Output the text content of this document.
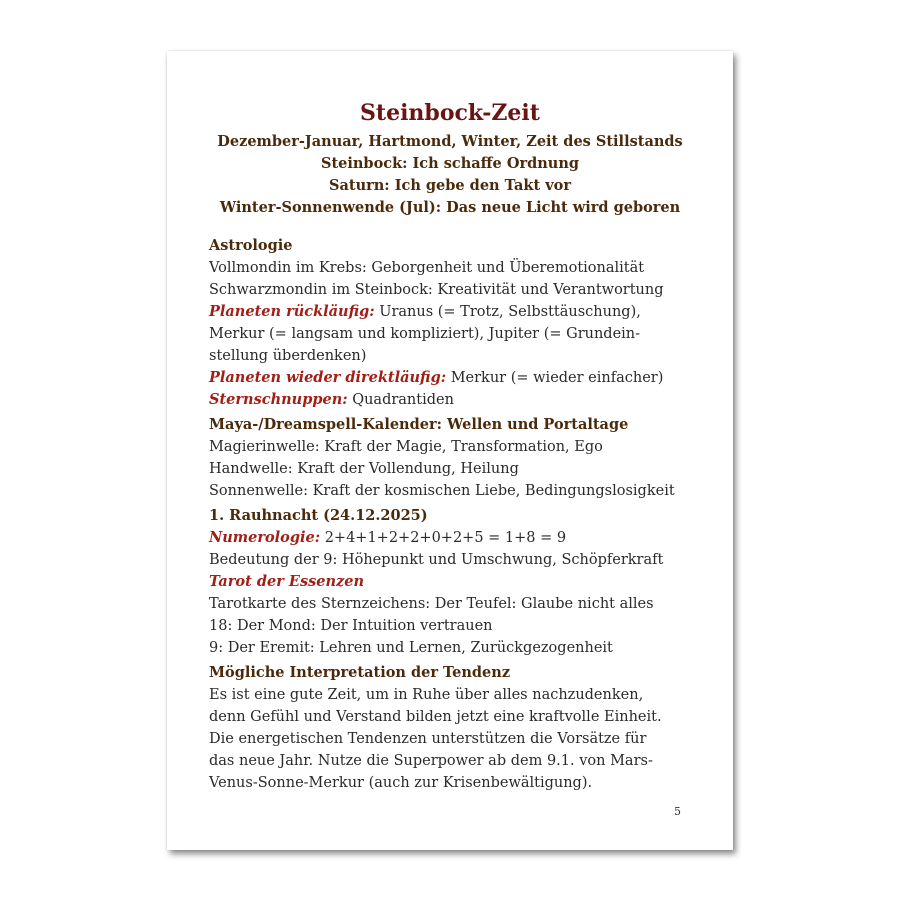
Steinbock-Zeit
Dezember-Januar, Hartmond, Winter, Zeit des Stillstands
Steinbock: Ich schaffe Ordnung
Saturn: Ich gebe den Takt vor
Winter-Sonnenwende (Jul): Das neue Licht wird geboren
Astrologie
Vollmondin im Krebs: Geborgenheit und Überemotionalität
Schwarzmondin im Steinbock: Kreativität und Verantwortung
Planeten rückläufig: Uranus (= Trotz, Selbsttäuschung),
Merkur (= langsam und kompliziert), Jupiter (= Grundein-
stellung überdenken)
Planeten wieder direktläufig: Merkur (= wieder einfacher)
Sternschnuppen: Quadrantiden
Maya-/Dreamspell-Kalender: Wellen und Portaltage
Magierinwelle: Kraft der Magie, Transformation, Ego
Handwelle: Kraft der Vollendung, Heilung
Sonnenwelle: Kraft der kosmischen Liebe, Bedingungslosigkeit
1. Rauhnacht (24.12.2025)
Numerologie: 2+4+1+2+2+0+2+5 = 1+8 = 9
Bedeutung der 9: Höhepunkt und Umschwung, Schöpferkraft
Tarot der Essenzen
Tarotkarte des Sternzeichens: Der Teufel: Glaube nicht alles
18: Der Mond: Der Intuition vertrauen
9: Der Eremit: Lehren und Lernen, Zurückgezogenheit
Mögliche Interpretation der Tendenz
Es ist eine gute Zeit, um in Ruhe über alles nachzudenken,
denn Gefühl und Verstand bilden jetzt eine kraftvolle Einheit.
Die energetischen Tendenzen unterstützen die Vorsätze für
das neue Jahr. Nutze die Superpower ab dem 9.1. von Mars-
Venus-Sonne-Merkur (auch zur Krisenbewältigung).
5
